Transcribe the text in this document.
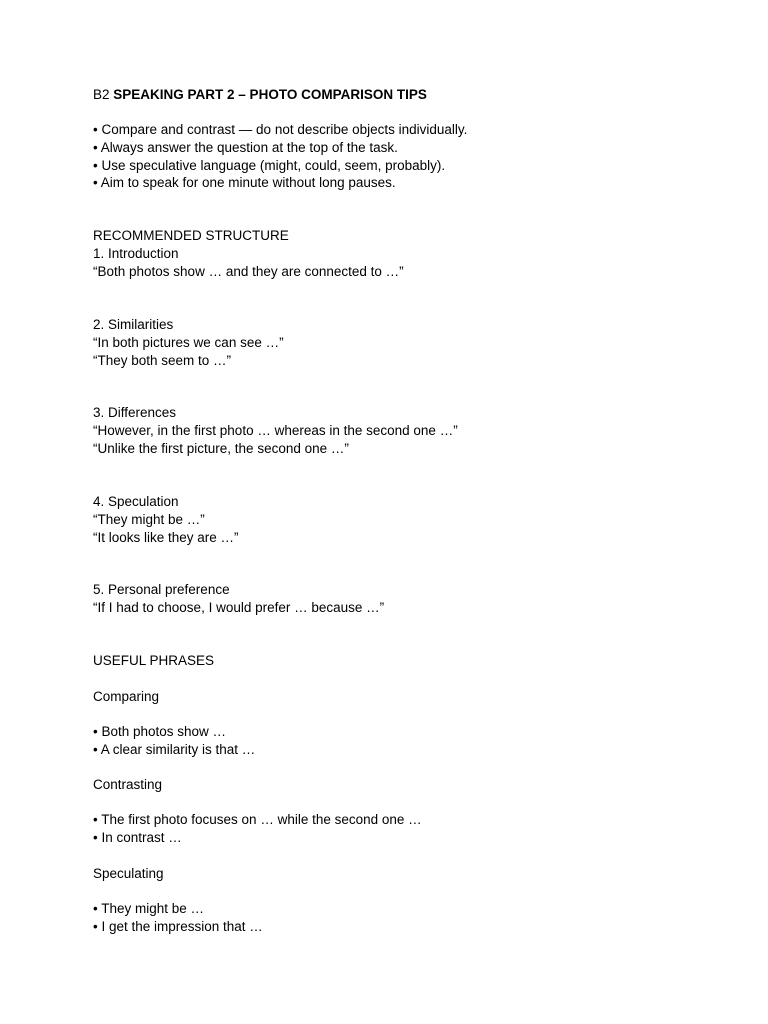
B2 SPEAKING PART 2 – PHOTO COMPARISON TIPS
• Compare and contrast — do not describe objects individually.
• Always answer the question at the top of the task.
• Use speculative language (might, could, seem, probably).
• Aim to speak for one minute without long pauses.
RECOMMENDED STRUCTURE
1. Introduction
“Both photos show … and they are connected to …”
2. Similarities
“In both pictures we can see …”
“They both seem to …”
3. Differences
“However, in the first photo … whereas in the second one …”
“Unlike the first picture, the second one …”
4. Speculation
“They might be …”
“It looks like they are …”
5. Personal preference
“If I had to choose, I would prefer … because …”
USEFUL PHRASES
Comparing
• Both photos show …
• A clear similarity is that …
Contrasting
• The first photo focuses on … while the second one …
• In contrast …
Speculating
• They might be …
• I get the impression that …
